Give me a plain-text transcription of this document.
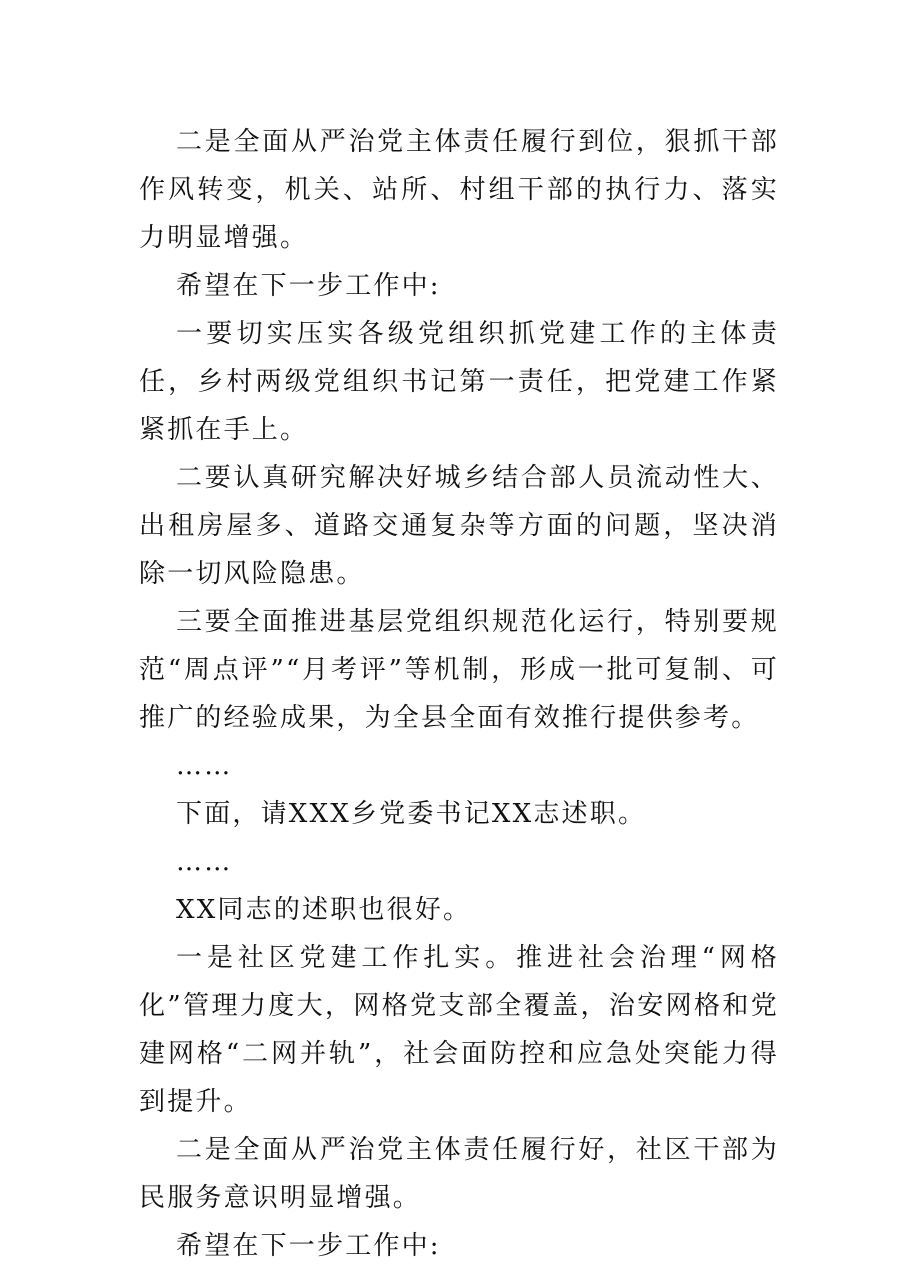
二是全面从严治党主体责任履行到位，狠抓干部作风转变，机关、站所、村组干部的执行力、落实力明显增强。

希望在下一步工作中:

一要切实压实各级党组织抓党建工作的主体责任，乡村两级党组织书记第一责任，把党建工作紧紧抓在手上。

二要认真研究解决好城乡结合部人员流动性大、出租房屋多、道路交通复杂等方面的问题，坚决消除一切风险隐患。

三要全面推进基层党组织规范化运行，特别要规范“周点评”“月考评”等机制，形成一批可复制、可推广的经验成果，为全县全面有效推行提供参考。

……

下面，请XXX乡党委书记XX志述职。

……

XX同志的述职也很好。

一是社区党建工作扎实。推进社会治理“网格化”管理力度大，网格党支部全覆盖，治安网格和党建网格“二网并轨”，社会面防控和应急处突能力得到提升。

二是全面从严治党主体责任履行好，社区干部为民服务意识明显增强。

希望在下一步工作中:
